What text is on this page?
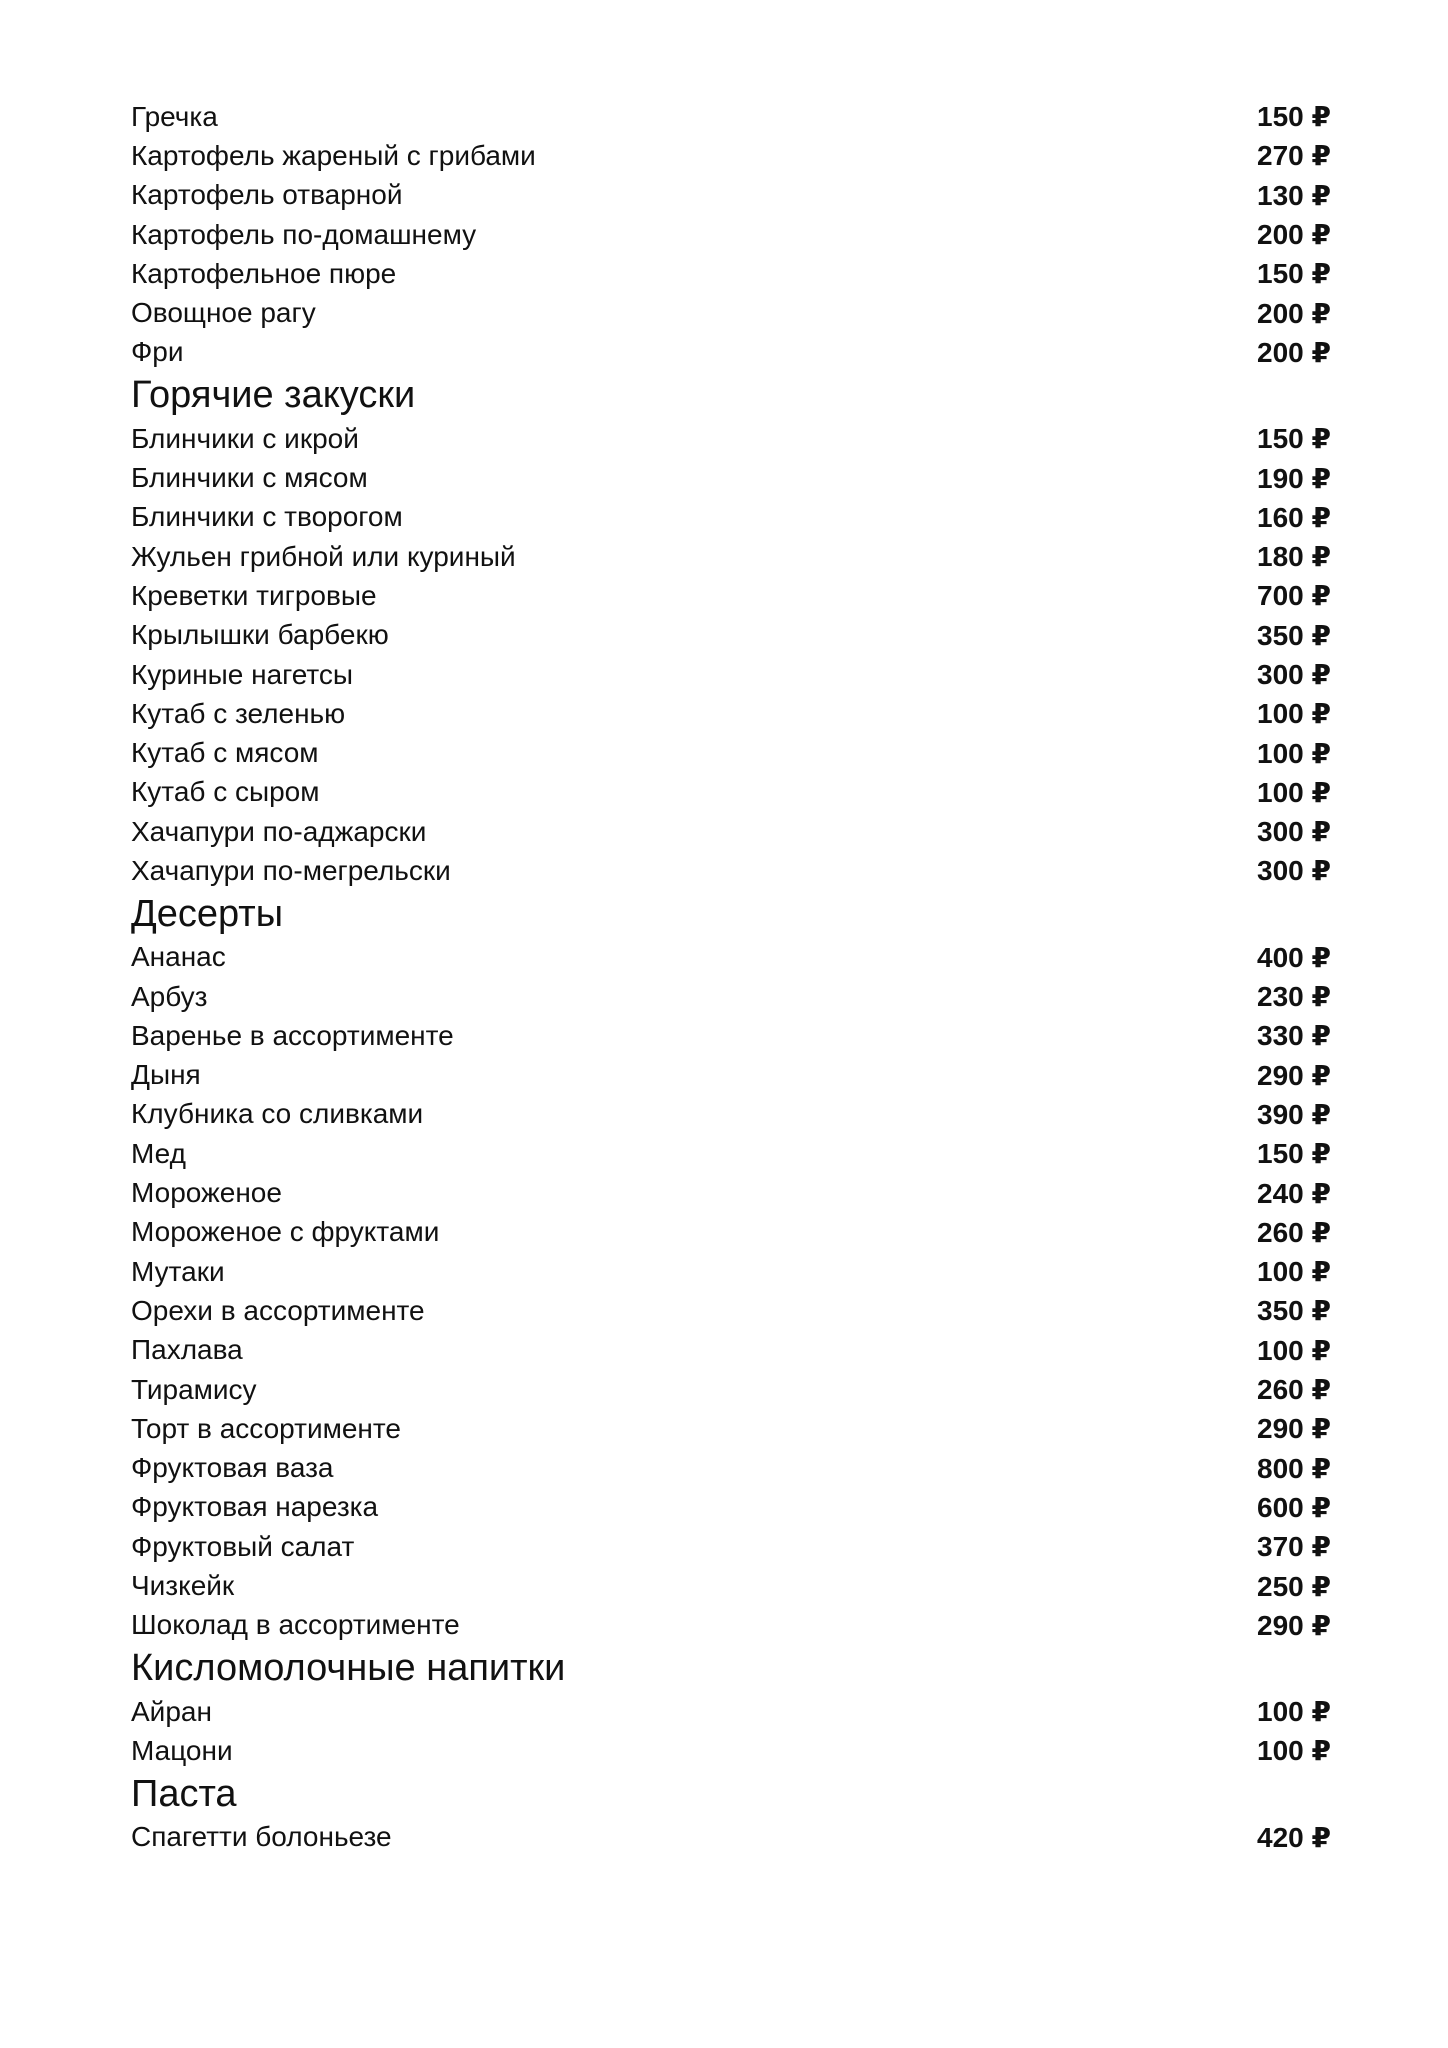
Гречка	150 ₽
Картофель жареный с грибами	270 ₽
Картофель отварной	130 ₽
Картофель по-домашнему	200 ₽
Картофельное пюре	150 ₽
Овощное рагу	200 ₽
Фри	200 ₽
Горячие закуски
Блинчики с икрой	150 ₽
Блинчики с мясом	190 ₽
Блинчики с творогом	160 ₽
Жульен грибной или куриный	180 ₽
Креветки тигровые	700 ₽
Крылышки барбекю	350 ₽
Куриные нагетсы	300 ₽
Кутаб с зеленью	100 ₽
Кутаб с мясом	100 ₽
Кутаб с сыром	100 ₽
Хачапури по-аджарски	300 ₽
Хачапури по-мегрельски	300 ₽
Десерты
Ананас	400 ₽
Арбуз	230 ₽
Варенье в ассортименте	330 ₽
Дыня	290 ₽
Клубника со сливками	390 ₽
Мед	150 ₽
Мороженое	240 ₽
Мороженое с фруктами	260 ₽
Мутаки	100 ₽
Орехи в ассортименте	350 ₽
Пахлава	100 ₽
Тирамису	260 ₽
Торт в ассортименте	290 ₽
Фруктовая ваза	800 ₽
Фруктовая нарезка	600 ₽
Фруктовый салат	370 ₽
Чизкейк	250 ₽
Шоколад в ассортименте	290 ₽
Кисломолочные напитки
Айран	100 ₽
Мацони	100 ₽
Паста
Спагетти болоньезе	420 ₽
